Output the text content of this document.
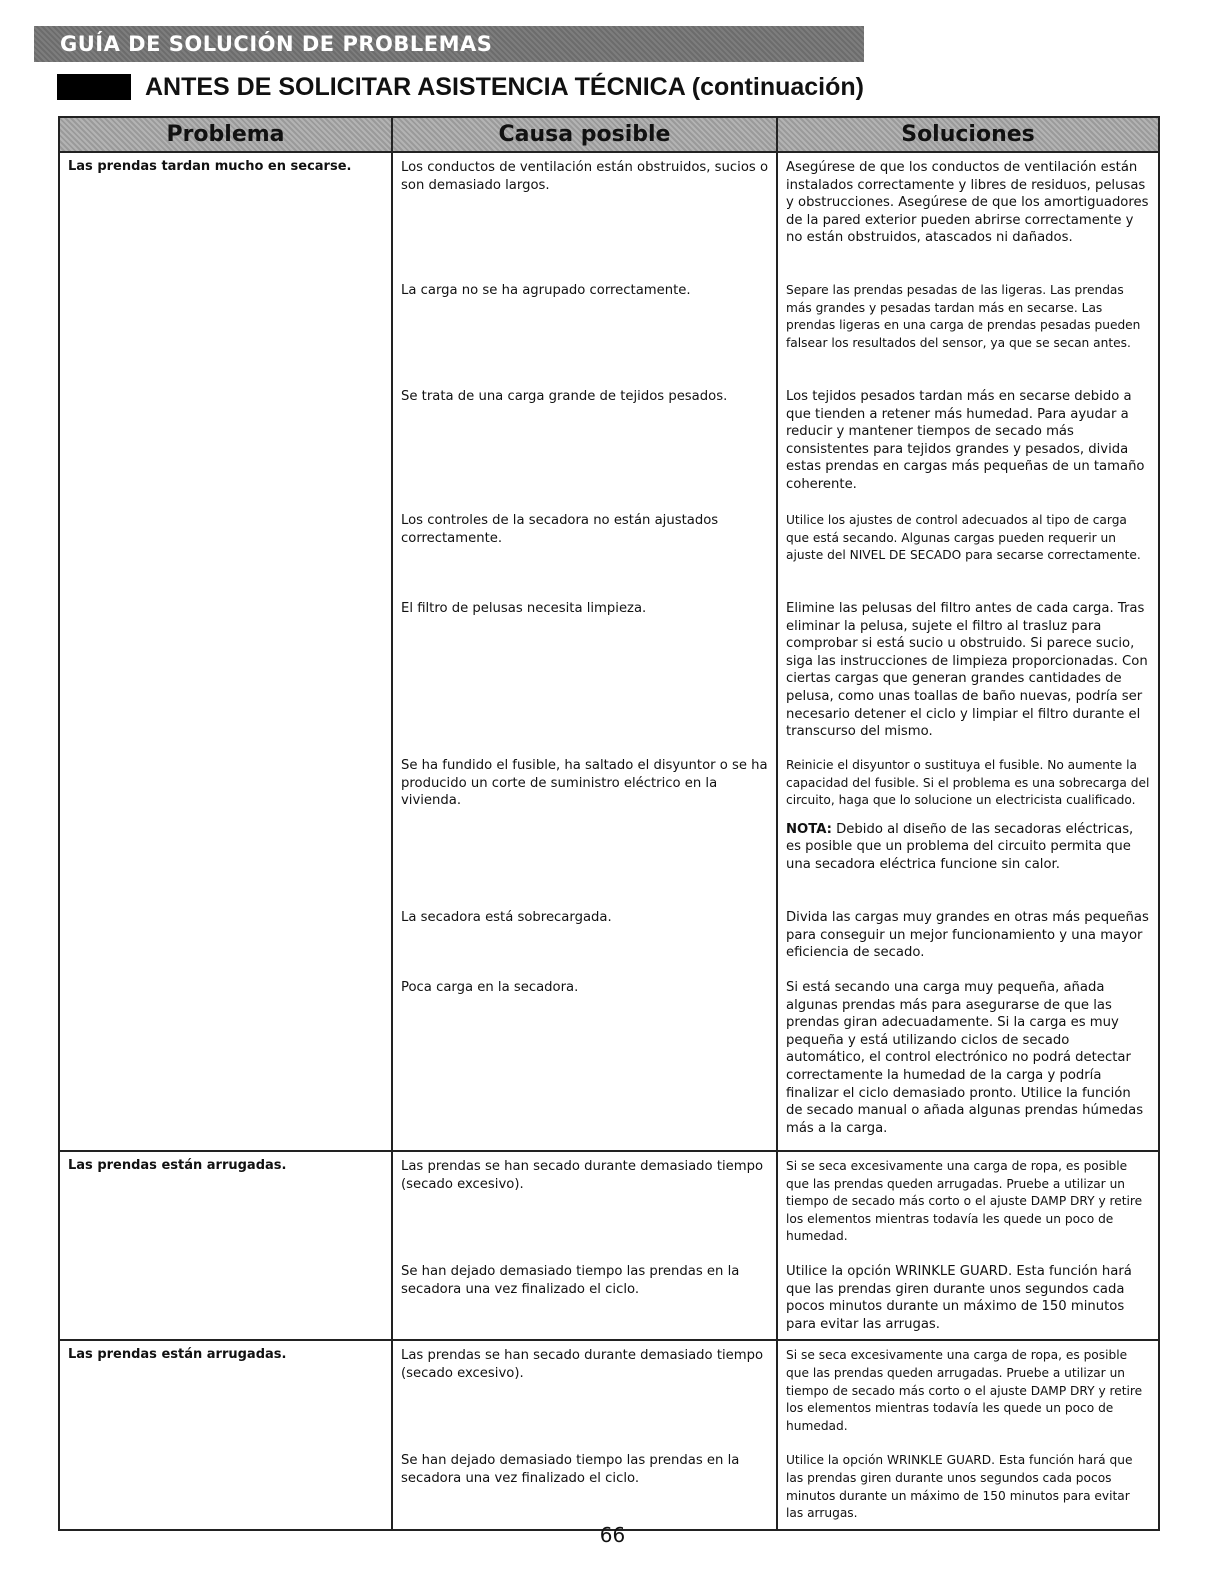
GUÍA DE SOLUCIÓN DE PROBLEMAS
ANTES DE SOLICITAR ASISTENCIA TÉCNICA (continuación)
Problema	Causa posible	Soluciones
Las prendas tardan mucho en secarse.	Los conductos de ventilación están obstruidos, sucios o son demasiado largos.	Asegúrese de que los conductos de ventilación están instalados correctamente y libres de residuos, pelusas y obstrucciones. Asegúrese de que los amortiguadores de la pared exterior pueden abrirse correctamente y no están obstruidos, atascados ni dañados.
	La carga no se ha agrupado correctamente.	Separe las prendas pesadas de las ligeras. Las prendas más grandes y pesadas tardan más en secarse. Las prendas ligeras en una carga de prendas pesadas pueden falsear los resultados del sensor, ya que se secan antes.
	Se trata de una carga grande de tejidos pesados.	Los tejidos pesados tardan más en secarse debido a que tienden a retener más humedad. Para ayudar a reducir y mantener tiempos de secado más consistentes para tejidos grandes y pesados, divida estas prendas en cargas más pequeñas de un tamaño coherente.
	Los controles de la secadora no están ajustados correctamente.	Utilice los ajustes de control adecuados al tipo de carga que está secando. Algunas cargas pueden requerir un ajuste del NIVEL DE SECADO para secarse correctamente.
	El filtro de pelusas necesita limpieza.	Elimine las pelusas del filtro antes de cada carga. Tras eliminar la pelusa, sujete el filtro al trasluz para comprobar si está sucio u obstruido. Si parece sucio, siga las instrucciones de limpieza proporcionadas. Con ciertas cargas que generan grandes cantidades de pelusa, como unas toallas de baño nuevas, podría ser necesario detener el ciclo y limpiar el filtro durante el transcurso del mismo.
	Se ha fundido el fusible, ha saltado el disyuntor o se ha producido un corte de suministro eléctrico en la vivienda.	Reinicie el disyuntor o sustituya el fusible. No aumente la capacidad del fusible. Si el problema es una sobrecarga del circuito, haga que lo solucione un electricista cualificado.

NOTA: Debido al diseño de las secadoras eléctricas, es posible que un problema del circuito permita que una secadora eléctrica funcione sin calor.

	La secadora está sobrecargada.	Divida las cargas muy grandes en otras más pequeñas para conseguir un mejor funcionamiento y una mayor eficiencia de secado.
	Poca carga en la secadora.	Si está secando una carga muy pequeña, añada algunas prendas más para asegurarse de que las prendas giran adecuadamente. Si la carga es muy pequeña y está utilizando ciclos de secado automático, el control electrónico no podrá detectar correctamente la humedad de la carga y podría finalizar el ciclo demasiado pronto. Utilice la función de secado manual o añada algunas prendas húmedas más a la carga.
Las prendas están arrugadas.	Las prendas se han secado durante demasiado tiempo (secado excesivo).	Si se seca excesivamente una carga de ropa, es posible que las prendas queden arrugadas. Pruebe a utilizar un tiempo de secado más corto o el ajuste DAMP DRY y retire los elementos mientras todavía les quede un poco de humedad.
	Se han dejado demasiado tiempo las prendas en la secadora una vez finalizado el ciclo.	Utilice la opción WRINKLE GUARD. Esta función hará que las prendas giren durante unos segundos cada pocos minutos durante un máximo de 150 minutos para evitar las arrugas.
Las prendas están arrugadas.	Las prendas se han secado durante demasiado tiempo (secado excesivo).	Si se seca excesivamente una carga de ropa, es posible que las prendas queden arrugadas. Pruebe a utilizar un tiempo de secado más corto o el ajuste DAMP DRY y retire los elementos mientras todavía les quede un poco de humedad.
	Se han dejado demasiado tiempo las prendas en la secadora una vez finalizado el ciclo.	Utilice la opción WRINKLE GUARD. Esta función hará que las prendas giren durante unos segundos cada pocos minutos durante un máximo de 150 minutos para evitar las arrugas.
66
